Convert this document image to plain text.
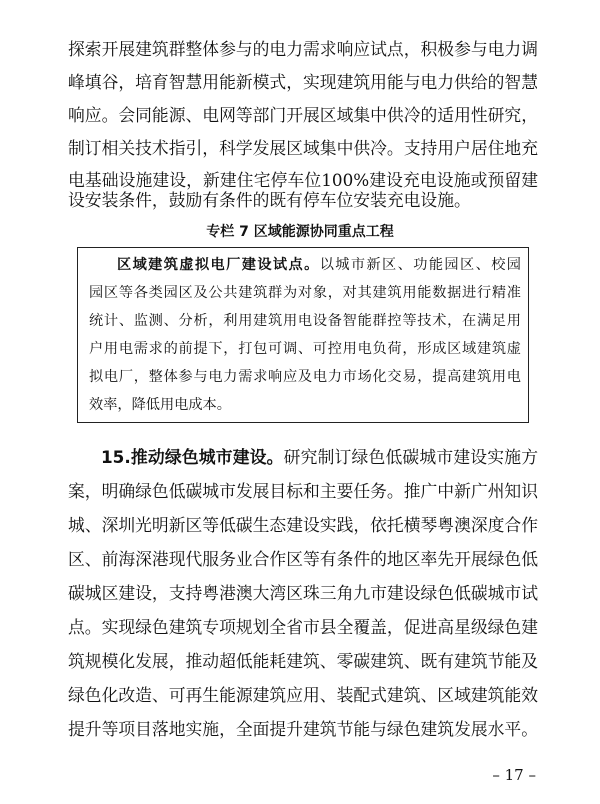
探索开展建筑群整体参与的电力需求响应试点，积极参与电力调
峰填谷，培育智慧用能新模式，实现建筑用能与电力供给的智慧
响应。会同能源、电网等部门开展区域集中供冷的适用性研究，
制订相关技术指引，科学发展区域集中供冷。支持用户居住地充
电基础设施建设，新建住宅停车位100%建设充电设施或预留建
设安装条件，鼓励有条件的既有停车位安装充电设施。
专栏 7 区域能源协同重点工程
区域建筑虚拟电厂建设试点。以城市新区、功能园区、校园
园区等各类园区及公共建筑群为对象，对其建筑用能数据进行精准
统计、监测、分析，利用建筑用电设备智能群控等技术，在满足用
户用电需求的前提下，打包可调、可控用电负荷，形成区域建筑虚
拟电厂，整体参与电力需求响应及电力市场化交易，提高建筑用电
效率，降低用电成本。
15.推动绿色城市建设。研究制订绿色低碳城市建设实施方
案，明确绿色低碳城市发展目标和主要任务。推广中新广州知识
城、深圳光明新区等低碳生态建设实践，依托横琴粤澳深度合作
区、前海深港现代服务业合作区等有条件的地区率先开展绿色低
碳城区建设，支持粤港澳大湾区珠三角九市建设绿色低碳城市试
点。实现绿色建筑专项规划全省市县全覆盖，促进高星级绿色建
筑规模化发展，推动超低能耗建筑、零碳建筑、既有建筑节能及
绿色化改造、可再生能源建筑应用、装配式建筑、区域建筑能效
提升等项目落地实施，全面提升建筑节能与绿色建筑发展水平。
– 17 –
